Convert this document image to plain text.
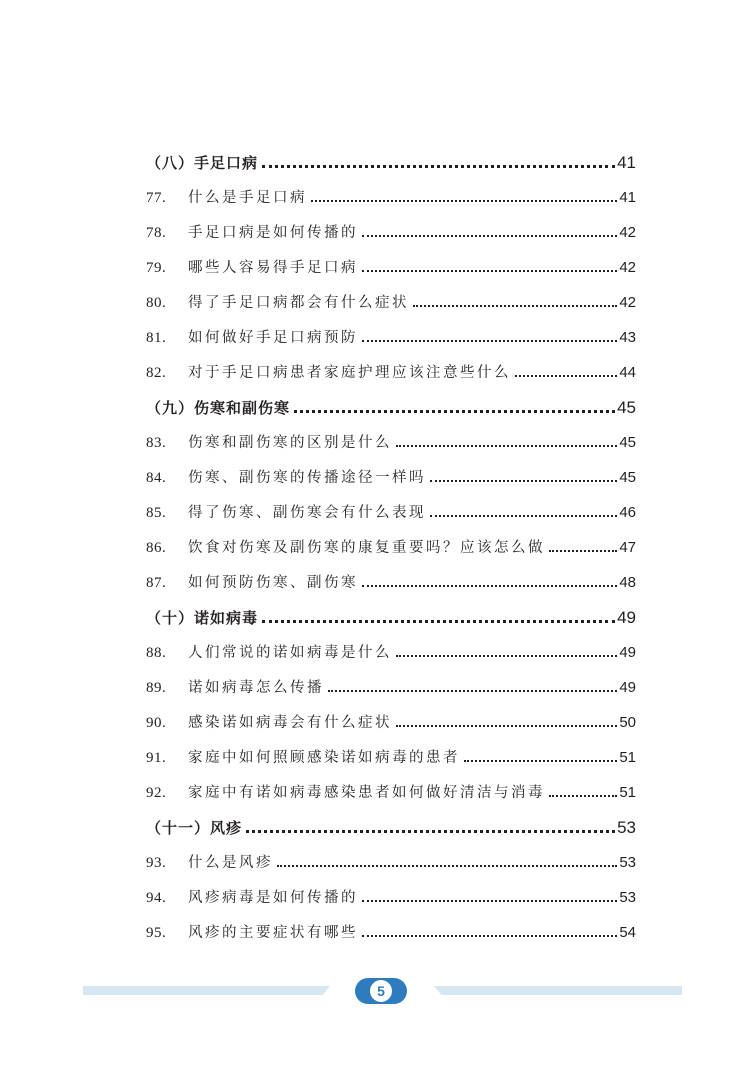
（八）手足口病	41
77.	什么是手足口病	41
78.	手足口病是如何传播的	42
79.	哪些人容易得手足口病	42
80.	得了手足口病都会有什么症状	42
81.	如何做好手足口病预防	43
82.	对于手足口病患者家庭护理应该注意些什么	44
（九）伤寒和副伤寒	45
83.	伤寒和副伤寒的区别是什么	45
84.	伤寒、副伤寒的传播途径一样吗	45
85.	得了伤寒、副伤寒会有什么表现	46
86.	饮食对伤寒及副伤寒的康复重要吗？应该怎么做	47
87.	如何预防伤寒、副伤寒	48
（十）诺如病毒	49
88.	人们常说的诺如病毒是什么	49
89.	诺如病毒怎么传播	49
90.	感染诺如病毒会有什么症状	50
91.	家庭中如何照顾感染诺如病毒的患者	51
92.	家庭中有诺如病毒感染患者如何做好清洁与消毒	51
（十一）风疹	53
93.	什么是风疹	53
94.	风疹病毒是如何传播的	53
95.	风疹的主要症状有哪些	54
5
